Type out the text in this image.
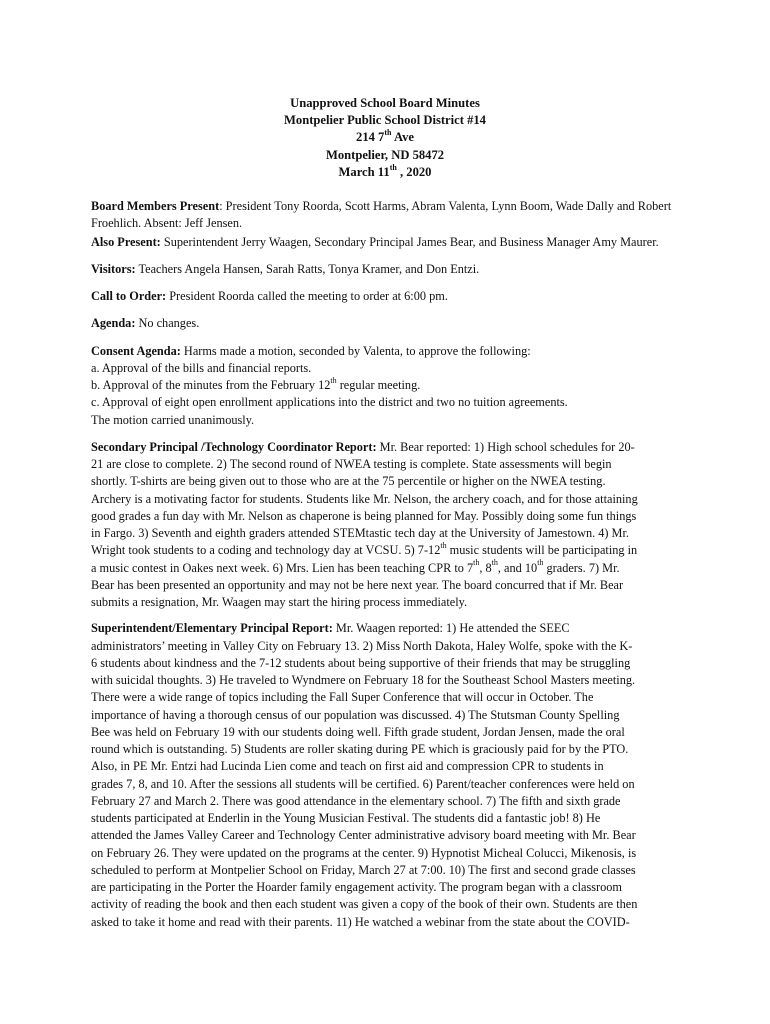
Unapproved School Board Minutes
Montpelier Public School District #14
214 7th Ave
Montpelier, ND 58472
March 11th , 2020

Board Members Present: President Tony Roorda, Scott Harms, Abram Valenta, Lynn Boom, Wade Dally and Robert Froehlich. Absent: Jeff Jensen.

Also Present: Superintendent Jerry Waagen, Secondary Principal James Bear, and Business Manager Amy Maurer.

Visitors: Teachers Angela Hansen, Sarah Ratts, Tonya Kramer, and Don Entzi.

Call to Order: President Roorda called the meeting to order at 6:00 pm.

Agenda: No changes.

Consent Agenda: Harms made a motion, seconded by Valenta, to approve the following:
a. Approval of the bills and financial reports.
b. Approval of the minutes from the February 12th regular meeting.
c. Approval of eight open enrollment applications into the district and two no tuition agreements.
The motion carried unanimously.

Secondary Principal /Technology Coordinator Report: Mr. Bear reported: 1) High school schedules for 20-
21 are close to complete. 2) The second round of NWEA testing is complete. State assessments will begin
shortly. T-shirts are being given out to those who are at the 75 percentile or higher on the NWEA testing.
Archery is a motivating factor for students. Students like Mr. Nelson, the archery coach, and for those attaining
good grades a fun day with Mr. Nelson as chaperone is being planned for May. Possibly doing some fun things
in Fargo. 3) Seventh and eighth graders attended STEMtastic tech day at the University of Jamestown. 4) Mr.
Wright took students to a coding and technology day at VCSU. 5) 7-12th music students will be participating in
a music contest in Oakes next week. 6) Mrs. Lien has been teaching CPR to 7th, 8th, and 10th graders. 7) Mr.
Bear has been presented an opportunity and may not be here next year. The board concurred that if Mr. Bear
submits a resignation, Mr. Waagen may start the hiring process immediately.

Superintendent/Elementary Principal Report: Mr. Waagen reported: 1) He attended the SEEC
administrators’ meeting in Valley City on February 13. 2) Miss North Dakota, Haley Wolfe, spoke with the K-
6 students about kindness and the 7-12 students about being supportive of their friends that may be struggling
with suicidal thoughts. 3) He traveled to Wyndmere on February 18 for the Southeast School Masters meeting.
There were a wide range of topics including the Fall Super Conference that will occur in October. The
importance of having a thorough census of our population was discussed. 4) The Stutsman County Spelling
Bee was held on February 19 with our students doing well. Fifth grade student, Jordan Jensen, made the oral
round which is outstanding. 5) Students are roller skating during PE which is graciously paid for by the PTO.
Also, in PE Mr. Entzi had Lucinda Lien come and teach on first aid and compression CPR to students in
grades 7, 8, and 10. After the sessions all students will be certified. 6) Parent/teacher conferences were held on
February 27 and March 2. There was good attendance in the elementary school. 7) The fifth and sixth grade
students participated at Enderlin in the Young Musician Festival. The students did a fantastic job! 8) He
attended the James Valley Career and Technology Center administrative advisory board meeting with Mr. Bear
on February 26. They were updated on the programs at the center. 9) Hypnotist Micheal Colucci, Mikenosis, is
scheduled to perform at Montpelier School on Friday, March 27 at 7:00. 10) The first and second grade classes
are participating in the Porter the Hoarder family engagement activity. The program began with a classroom
activity of reading the book and then each student was given a copy of the book of their own. Students are then
asked to take it home and read with their parents. 11) He watched a webinar from the state about the COVID-
